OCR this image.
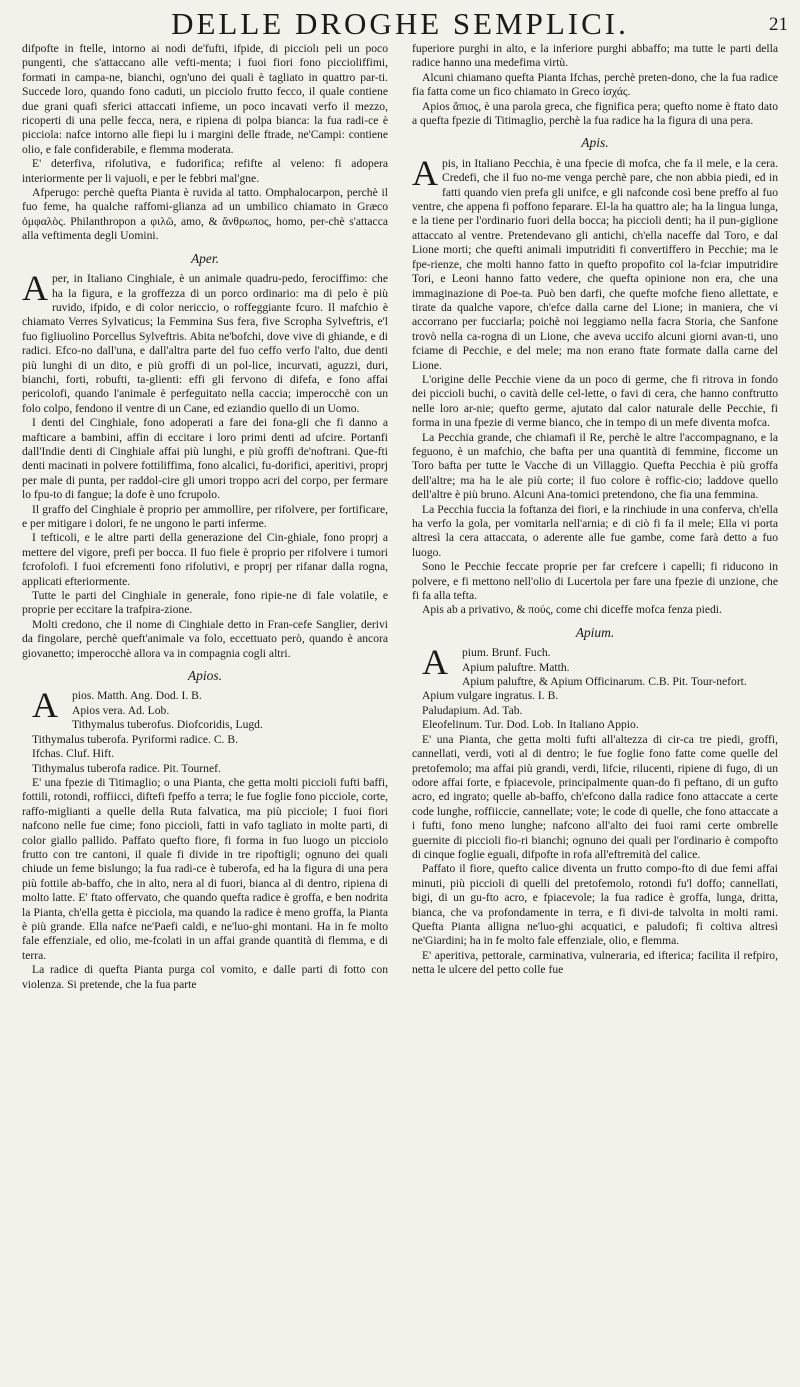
DELLE DROGHE SEMPLICI.	21

difpofte in ftelle, intorno ai nodi de'fufti, ifpide, di picciolı peli un poco pungenti, che s'attaccano alle vefti-menta; i fuoi fiori fono piccioliffimi, formati in campa-ne, bianchi, ogn'uno dei quali è tagliato in quattro par-ti. Succede loro, quando fono caduti, un picciolo frutto fecco, il quale contiene due grani quafi sferici attaccati infieme, un poco incavati verfo il mezzo, ricoperti di una pelle fecca, nera, e ripiena di polpa bianca: la fua radi-ce è picciola: nafce intorno alle fiepi lu i margini delle ftrade, ne'Campi: contiene olio, e fale confiderabile, e flemma moderata.

E' deterfiva, rifolutiva, e fudorifica; refifte al veleno: fi adopera interiormente per li vajuoli, e per le febbri mal'gne.

Afperugo: perchè quefta Pianta è ruvida al tatto. Omphalocarpon, perchè il fuo feme, ha qualche raffomi-glianza ad un umbilico chiamato in Græco ὀμφαλὸς. Philanthropon a φιλῶ, amo, & ἄνθρωπος, homo, per-chè s'attacca alla veftimenta degli Uomini.

Aper.

Aper, in Italiano Cinghiale, è un animale quadru-pedo, ferociffimo: che ha la figura, e la groffezza di un porco ordinario: ma di pelo è più ruvido, ifpido, e di color nericcio, o roffeggiante fcuro. Il mafchio è chiamato Verres Sylvaticus; la Femmina Sus fera, five Scropha Sylveftris, e'l fuo figliuolino Porcellus Sylveftris. Abita ne'bofchi, dove vive di ghiande, e di radici. Efco-no dall'una, e dall'altra parte del fuo ceffo verfo l'alto, due denti più lunghi di un dito, e più groffi di un pol-lice, incurvati, aguzzi, duri, bianchi, forti, robufti, ta-glienti: effi gli fervono di difefa, e fono affai pericolofi, quando l'animale è perfeguitato nella caccia; imperocchè con un folo colpo, fendono il ventre di un Cane, ed eziandio quello di un Uomo.

I denti del Cinghiale, fono adoperati a fare dei fona-gli che fi danno a mafticare a bambini, affin di eccitare i loro primi denti ad ufcire. Portanfi dall'Indie denti di Cinghiale affai più lunghi, e più groffi de'noftrani. Que-fti denti macinati in polvere fottiliffima, fono alcalici, fu-dorifici, aperitivi, proprj per male di punta, per raddol-cire gli umori troppo acri del corpo, per fermare lo fpu-to di fangue; la dofe è uno fcrupolo.

Il graffo del Cinghiale è proprio per ammollire, per rifolvere, per fortificare, e per mitigare i dolori, fe ne ungono le parti inferme.

I tefticoli, e le altre parti della generazione del Cin-ghiale, fono proprj a mettere del vigore, prefi per bocca. Il fuo fiele è proprio per rifolvere i tumori fcrofolofi. I fuoi efcrementi fono rifolutivi, e proprj per rifanar dalla rogna, applicati efteriormente.

Tutte le parti del Cinghiale in generale, fono ripie-ne di fale volatile, e proprie per eccitare la trafpira-zione.

Molti credono, che il nome di Cinghiale detto in Fran-cefe Sanglier, derivi da fingolare, perchè queft'animale va folo, eccettuato però, quando è ancora giovanetto; imperocchè allora va in compagnia cogli altri.

Apios.

Apios. Matth. Ang. Dod. I. B.

Apios vera. Ad. Lob.

Tithymalus tuberofus. Diofcoridis, Lugd.

Tithymalus tuberofa. Pyriformi radice. C. B.

Ifchas. Cluf. Hift.

Tithymalus tuberofa radice. Pit. Tournef.

E' una fpezie di Titimaglio; o una Pianta, che getta molti piccioli fufti baffi, fottili, rotondi, roffiicci, diftefi fpeffo a terra; le fue foglie fono picciole, corte, raffo-miglianti a quelle della Ruta falvatica, ma più picciole; I fuoi fiori nafcono nelle fue cime; fono piccioli, fatti in vafo tagliato in molte parti, di color giallo pallido. Paffato quefto fiore, fi forma in fuo luogo un picciolo frutto con tre cantoni, il quale fi divide in tre ripoftigli; ognuno dei quali chiude un feme bislungo; la fua radi-ce è tuberofa, ed ha la figura di una pera più fottile ab-baffo, che in alto, nera al di fuori, bianca al di dentro, ripiena di molto latte. E' ftato offervato, che quando quefta radice è groffa, e ben nodrita la Pianta, ch'ella getta è picciola, ma quando la radice è meno groffa, la Pianta è più grande. Ella nafce ne'Paefi caldi, e ne'luo-ghi montani. Ha in fe molto fale effenziale, ed olio, me-fcolati in un affai grande quantità di flemma, e di terra.

La radice di quefta Pianta purga col vomito, e dalle parti di fotto con violenza. Si pretende, che la fua parte

fuperiore purghi in alto, e la inferiore purghi abbaffo; ma tutte le parti della radice hanno una medefima virtù.

Alcuni chiamano quefta Pianta Ifchas, perchè preten-dono, che la fua radice fia fatta come un fico chiamato in Greco ἰσχάς.

Apios ἄπιος, è una parola greca, che fignifica pera; quefto nome è ftato dato a quefta fpezie di Titimaglio, perchè la fua radice ha la figura di una pera.

Apis.

Apis, in Italiano Pecchia, è una fpecie di mofca, che fa il mele, e la cera. Credefi, che il fuo no-me venga perchè pare, che non abbia piedi, ed in fatti quando vien prefa gli unifce, e gli nafconde così bene preffo al fuo ventre, che appena fi poffono feparare. El-la ha quattro ale; ha la lingua lunga, e la tiene per l'ordinario fuori della bocca; ha piccioli denti; ha il pun-giglione attaccato al ventre. Pretendevano gli antichi, ch'ella naceffe dal Toro, e dal Lione morti; che quefti animali imputriditi fi convertiffero in Pecchie; ma le fpe-rienze, che molti hanno fatto in quefto propofito col la-fciar imputridire Tori, e Leoni hanno fatto vedere, che quefta opinione non era, che una immaginazione di Poe-ta. Può ben darfi, che quefte mofche fieno allettate, e tirate da qualche vapore, ch'efce dalla carne del Lione; in maniera, che vi accorrano per fucciarla; poichè noi leggiamo nella facra Storia, che Sanfone trovò nella ca-rogna di un Lione, che aveva uccifo alcuni giorni avan-ti, uno fciame di Pecchie, e del mele; ma non erano ftate formate dalla carne del Lione.

L'origine delle Pecchie viene da un poco di germe, che fi ritrova in fondo dei piccioli buchi, o cavità delle cel-lette, o favi di cera, che hanno conftrutto nelle loro ar-nie; quefto germe, ajutato dal calor naturale delle Pecchie, fi forma in una fpezie di verme bianco, che in tempo di un mefe diventa mofca.

La Pecchia grande, che chiamafi il Re, perchè le altre l'accompagnano, e la feguono, è un mafchio, che bafta per una quantità di femmine, ficcome un Toro bafta per tutte le Vacche di un Villaggio. Quefta Pecchia è più groffa dell'altre; ma ha le ale più corte; il fuo colore è roffic-cio; laddove quello dell'altre è più bruno. Alcuni Ana-tomici pretendono, che fia una femmina.

La Pecchia fuccia la foftanza dei fiori, e la rinchiude in una conferva, ch'ella ha verfo la gola, per vomitarla nell'arnia; e di ciò fi fa il mele; Ella vi porta altresì la cera attaccata, o aderente alle fue gambe, come farà detto a fuo luogo.

Sono le Pecchie feccate proprie per far crefcere i capelli; fi riducono in polvere, e fi mettono nell'olio di Lucertola per fare una fpezie di unzione, che fi fa alla tefta.

Apis ab a privativo, & πούς, come chi diceffe mofca fenza piedi.

Apium.

Apium. Brunf. Fuch.

Apium paluftre. Matth.

Apium paluftre, & Apium Officinarum. C.B. Pit. Tour-nefort.

Apium vulgare ingratus. I. B.

Paludapium. Ad. Tab.

Eleofelinum. Tur. Dod. Lob. In Italiano Appio.

E' una Pianta, che getta molti fufti all'altezza di cir-ca tre piedi, groffi, cannellati, verdi, voti al di dentro; le fue foglie fono fatte come quelle del pretofemolo; ma affai più grandi, verdi, lifcie, rilucenti, ripiene di fugo, di un odore affai forte, e fpiacevole, principalmente quan-do fi peftano, di un gufto acro, ed ingrato; quelle ab-baffo, ch'efcono dalla radice fono attaccate a certe code lunghe, roffiiccie, cannellate; vote; le code di quelle, che fono attaccate a i fufti, fono meno lunghe; nafcono all'alto dei fuoi rami certe ombrelle guernite di piccioli fio-ri bianchi; ognuno dei quali per l'ordinario è compofto di cinque foglie eguali, difpofte in rofa all'eftremità del calice.

Paffato il fiore, quefto calice diventa un frutto compo-fto di due femi affai minuti, più piccioli di quelli del pretofemolo, rotondi fu'l doffo; cannellati, bigi, di un gu-fto acro, e fpiacevole; la fua radice è groffa, lunga, dritta, bianca, che va profondamente in terra, e fi divi-de talvolta in molti rami. Quefta Pianta alligna ne'luo-ghi acquatici, e paludofi; fi coltiva altresì ne'Giardini; ha in fe molto fale effenziale, olio, e flemma.

E' aperitiva, pettorale, carminativa, vulneraria, ed ifterica; facilita il refpiro, netta le ulcere del petto colle fue
